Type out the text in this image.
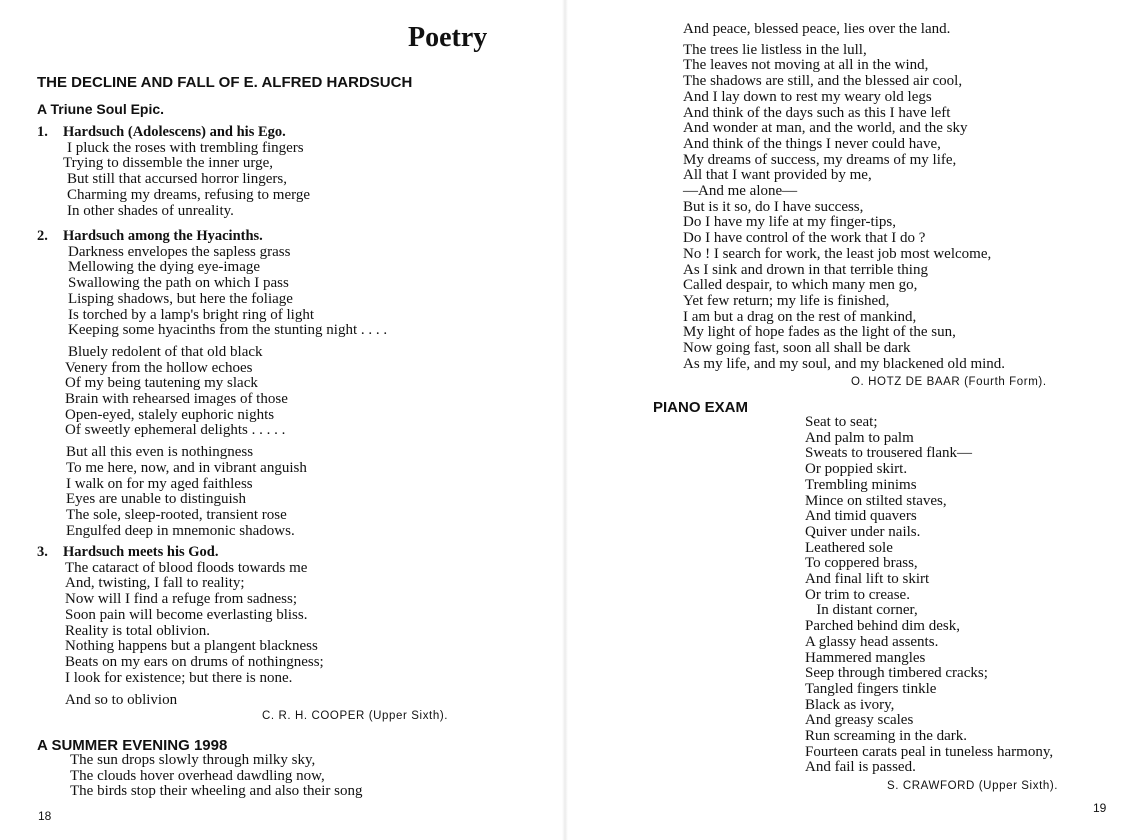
Poetry
THE DECLINE AND FALL OF E. ALFRED HARDSUCH
A Triune Soul Epic.
1. Hardsuch (Adolescens) and his Ego.
I pluck the roses with trembling fingers
Trying to dissemble the inner urge,
But still that accursed horror lingers,
Charming my dreams, refusing to merge
In other shades of unreality.
2. Hardsuch among the Hyacinths.
Darkness envelopes the sapless grass
Mellowing the dying eye-image
Swallowing the path on which I pass
Lisping shadows, but here the foliage
Is torched by a lamp's bright ring of light
Keeping some hyacinths from the stunting night . . . .
Bluely redolent of that old black
Venery from the hollow echoes
Of my being tautening my slack
Brain with rehearsed images of those
Open-eyed, stalely euphoric nights
Of sweetly ephemeral delights . . . . .
But all this even is nothingness
To me here, now, and in vibrant anguish
I walk on for my aged faithless
Eyes are unable to distinguish
The sole, sleep-rooted, transient rose
Engulfed deep in mnemonic shadows.
3. Hardsuch meets his God.
The cataract of blood floods towards me
And, twisting, I fall to reality;
Now will I find a refuge from sadness;
Soon pain will become everlasting bliss.
Reality is total oblivion.
Nothing happens but a plangent blackness
Beats on my ears on drums of nothingness;
I look for existence; but there is none.
And so to oblivion
C. R. H. COOPER (Upper Sixth).
A SUMMER EVENING 1998
The sun drops slowly through milky sky,
The clouds hover overhead dawdling now,
The birds stop their wheeling and also their song
18
And peace, blessed peace, lies over the land.
The trees lie listless in the lull,
The leaves not moving at all in the wind,
The shadows are still, and the blessed air cool,
And I lay down to rest my weary old legs
And think of the days such as this I have left
And wonder at man, and the world, and the sky
And think of the things I never could have,
My dreams of success, my dreams of my life,
All that I want provided by me,
—And me alone—
But is it so, do I have success,
Do I have my life at my finger-tips,
Do I have control of the work that I do ?
No ! I search for work, the least job most welcome,
As I sink and drown in that terrible thing
Called despair, to which many men go,
Yet few return; my life is finished,
I am but a drag on the rest of mankind,
My light of hope fades as the light of the sun,
Now going fast, soon all shall be dark
As my life, and my soul, and my blackened old mind.
O. HOTZ DE BAAR (Fourth Form).
PIANO EXAM
Seat to seat;
And palm to palm
Sweats to trousered flank—
Or poppied skirt.
Trembling minims
Mince on stilted staves,
And timid quavers
Quiver under nails.
Leathered sole
To coppered brass,
And final lift to skirt
Or trim to crease.
In distant corner,
Parched behind dim desk,
A glassy head assents.
Hammered mangles
Seep through timbered cracks;
Tangled fingers tinkle
Black as ivory,
And greasy scales
Run screaming in the dark.
Fourteen carats peal in tuneless harmony,
And fail is passed.
S. CRAWFORD (Upper Sixth).
19
